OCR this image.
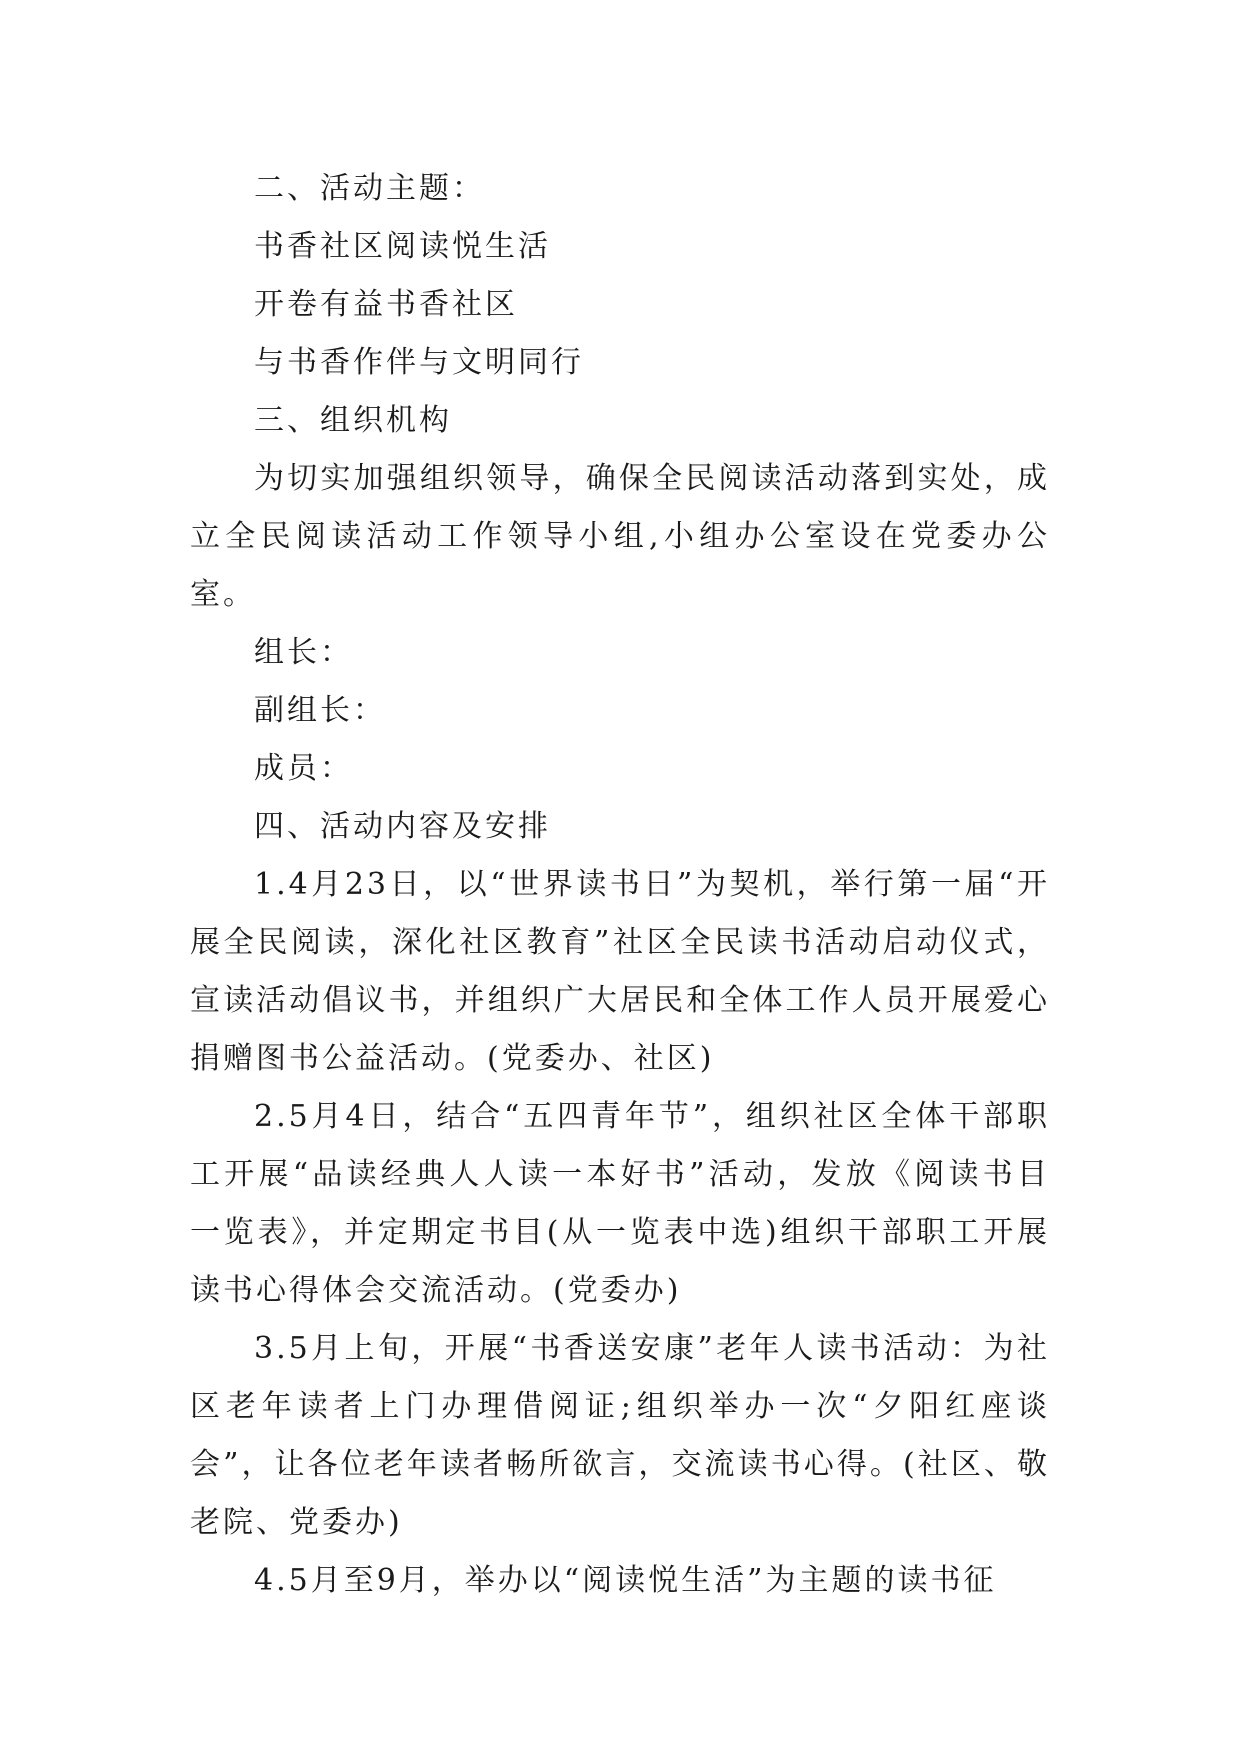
二、活动主题：

书香社区阅读悦生活

开卷有益书香社区

与书香作伴与文明同行

三、组织机构

为切实加强组织领导，确保全民阅读活动落到实处，成立全民阅读活动工作领导小组,小组办公室设在党委办公室。

组长：

副组长：

成员：

四、活动内容及安排

1.4月23日，以“世界读书日”为契机，举行第一届“开展全民阅读，深化社区教育”社区全民读书活动启动仪式，宣读活动倡议书，并组织广大居民和全体工作人员开展爱心捐赠图书公益活动。(党委办、社区)

2.5月4日，结合“五四青年节”，组织社区全体干部职工开展“品读经典人人读一本好书”活动，发放《阅读书目一览表》，并定期定书目(从一览表中选)组织干部职工开展读书心得体会交流活动。(党委办)

3.5月上旬，开展“书香送安康”老年人读书活动：为社区老年读者上门办理借阅证;组织举办一次“夕阳红座谈会”，让各位老年读者畅所欲言，交流读书心得。(社区、敬老院、党委办)

4.5月至9月，举办以“阅读悦生活”为主题的读书征
